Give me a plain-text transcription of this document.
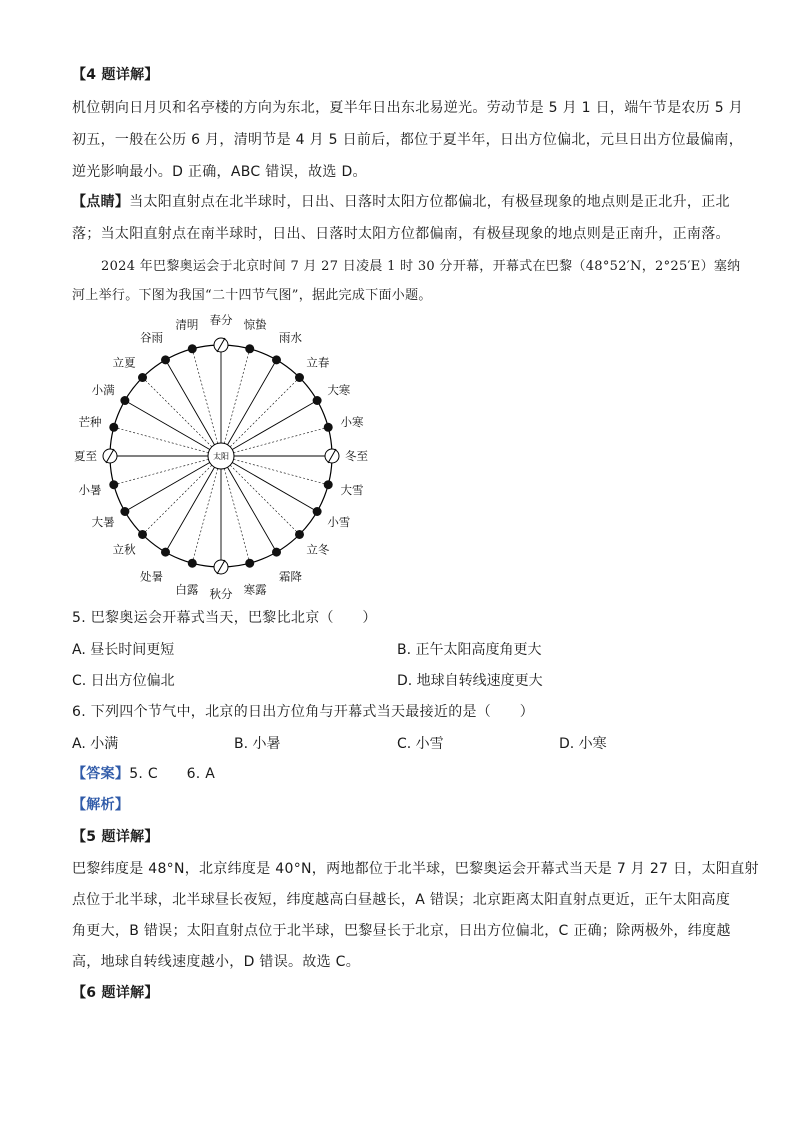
【4 题详解】
机位朝向日月贝和名亭楼的方向为东北，夏半年日出东北易逆光。劳动节是 5 月 1 日，端午节是农历 5 月
初五，一般在公历 6 月，清明节是 4 月 5 日前后，都位于夏半年，日出方位偏北，元旦日出方位最偏南，
逆光影响最小。D 正确，ABC 错误，故选 D。
【点睛】当太阳直射点在北半球时，日出、日落时太阳方位都偏北，有极昼现象的地点则是正北升，正北
落；当太阳直射点在南半球时，日出、日落时太阳方位都偏南，有极昼现象的地点则是正南升，正南落。
2024 年巴黎奥运会于北京时间 7 月 27 日凌晨 1 时 30 分开幕，开幕式在巴黎（48°52′N，2°25′E）塞纳
河上举行。下图为我国“二十四节气图”，据此完成下面小题。
太阳	冬至
大雪
小雪
立冬
霜降
寒露
秋分
白露
处暑
立秋
大暑
小暑
夏至
芒种
小满
立夏
谷雨
清明 春分 惊蛰
雨水
立春
大寒
小寒
5. 巴黎奥运会开幕式当天，巴黎比北京（　　）
A. 昼长时间更短	B. 正午太阳高度角更大
C. 日出方位偏北	D. 地球自转线速度更大
6. 下列四个节气中，北京的日出方位角与开幕式当天最接近的是（　　）
A. 小满	B. 小暑	C. 小雪	D. 小寒
【答案】5. C　　6. A
【解析】
【5 题详解】
巴黎纬度是 48°N，北京纬度是 40°N，两地都位于北半球，巴黎奥运会开幕式当天是 7 月 27 日，太阳直射
点位于北半球，北半球昼长夜短，纬度越高白昼越长，A 错误；北京距离太阳直射点更近，正午太阳高度
角更大，B 错误；太阳直射点位于北半球，巴黎昼长于北京，日出方位偏北，C 正确；除两极外，纬度越
高，地球自转线速度越小，D 错误。故选 C。
【6 题详解】
